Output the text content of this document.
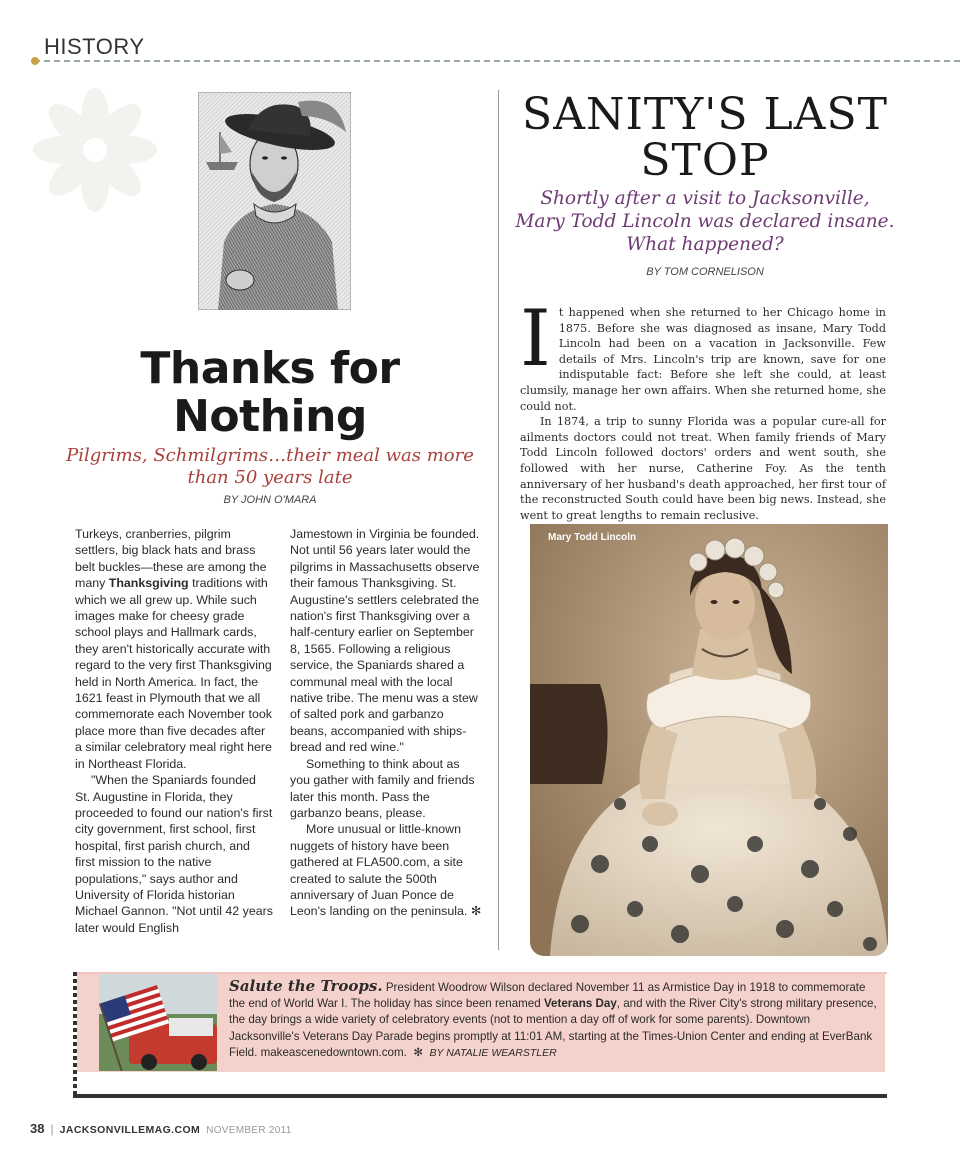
HISTORY
Thanks for Nothing
Pilgrims, Schmilgrims…their meal was more than 50 years late
BY JOHN O'MARA

Turkeys, cranberries, pilgrim settlers, big black hats and brass belt buckles—these are among the many Thanksgiving traditions with which we all grew up. While such images make for cheesy grade school plays and Hallmark cards, they aren't historically accurate with regard to the very first Thanksgiving held in North America. In fact, the 1621 feast in Plymouth that we all commemorate each November took place more than five decades after a similar celebratory meal right here in Northeast Florida.

"When the Spaniards founded St. Augustine in Florida, they proceeded to found our nation's first city government, first school, first hospital, first parish church, and first mission to the native populations," says author and University of Florida historian Michael Gannon. "Not until 42 years later would English

Jamestown in Virginia be founded. Not until 56 years later would the pilgrims in Massachusetts observe their famous Thanksgiving. St. Augustine's settlers celebrated the nation's first Thanksgiving over a half-century earlier on September 8, 1565. Following a religious service, the Spaniards shared a communal meal with the local native tribe. The menu was a stew of salted pork and garbanzo beans, accompanied with ships-bread and red wine."

Something to think about as you gather with family and friends later this month. Pass the garbanzo beans, please.

More unusual or little-known nuggets of history have been gathered at FLA500.com, a site created to salute the 500th anniversary of Juan Ponce de Leon's landing on the peninsula. ✻

SANITY'S LAST STOP
Shortly after a visit to Jacksonville, Mary Todd Lincoln was declared insane. What happened?
BY TOM CORNELISON

It happened when she returned to her Chicago home in 1875. Before she was diagnosed as insane, Mary Todd Lincoln had been on a vacation in Jacksonville. Few details of Mrs. Lincoln's trip are known, save for one indisputable fact: Before she left she could, at least clumsily, manage her own affairs. When she returned home, she could not.

In 1874, a trip to sunny Florida was a popular cure-all for ailments doctors could not treat. When family friends of Mary Todd Lincoln followed doctors' orders and went south, she followed with her nurse, Catherine Foy. As the tenth anniversary of her husband's death approached, her first tour of the reconstructed South could have been big news. Instead, she went to great lengths to remain reclusive.

Mary Todd Lincoln
Salute the Troops. President Woodrow Wilson declared November 11 as Armistice Day in 1918 to commemorate the end of World War I. The holiday has since been renamed Veterans Day, and with the River City's strong military presence, the day brings a wide variety of celebratory events (not to mention a day off of work for some parents). Downtown Jacksonville's Veterans Day Parade begins promptly at 11:01 AM, starting at the Times-Union Center and ending at EverBank Field. makeascenedowntown.com. ✻ BY NATALIE WEARSTLER
38 | JACKSONVILLEMAG.COM NOVEMBER 2011
